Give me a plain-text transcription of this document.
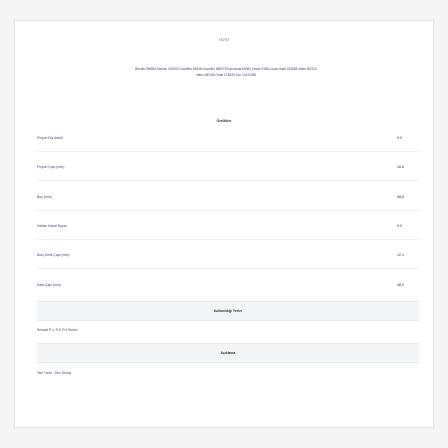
76707
Bendix 289862 Bendix 302903 Ducellier 89048 Ducellier 689378 Kaloocsia 80084 Lester 9185 Lucas Indel 223585 Valeo NE224
Valeo NE206 Omar 074826 Zen 10102480
Özellikler
Pinyon Diş Adedi	9.0
Pinyon Çapı (mm)	28.8
Boy (mm)	58.5
Helisin Kanal Sayısı	9.0
Burç Delik Çapı (mm)	12.1
Kafa Çapı (mm)	48.0
Kullanıldığı Yerler
Renault R 4, R 5, R 6 Rodeo
Açıklama
Tam Freze - Ters Dönüş
